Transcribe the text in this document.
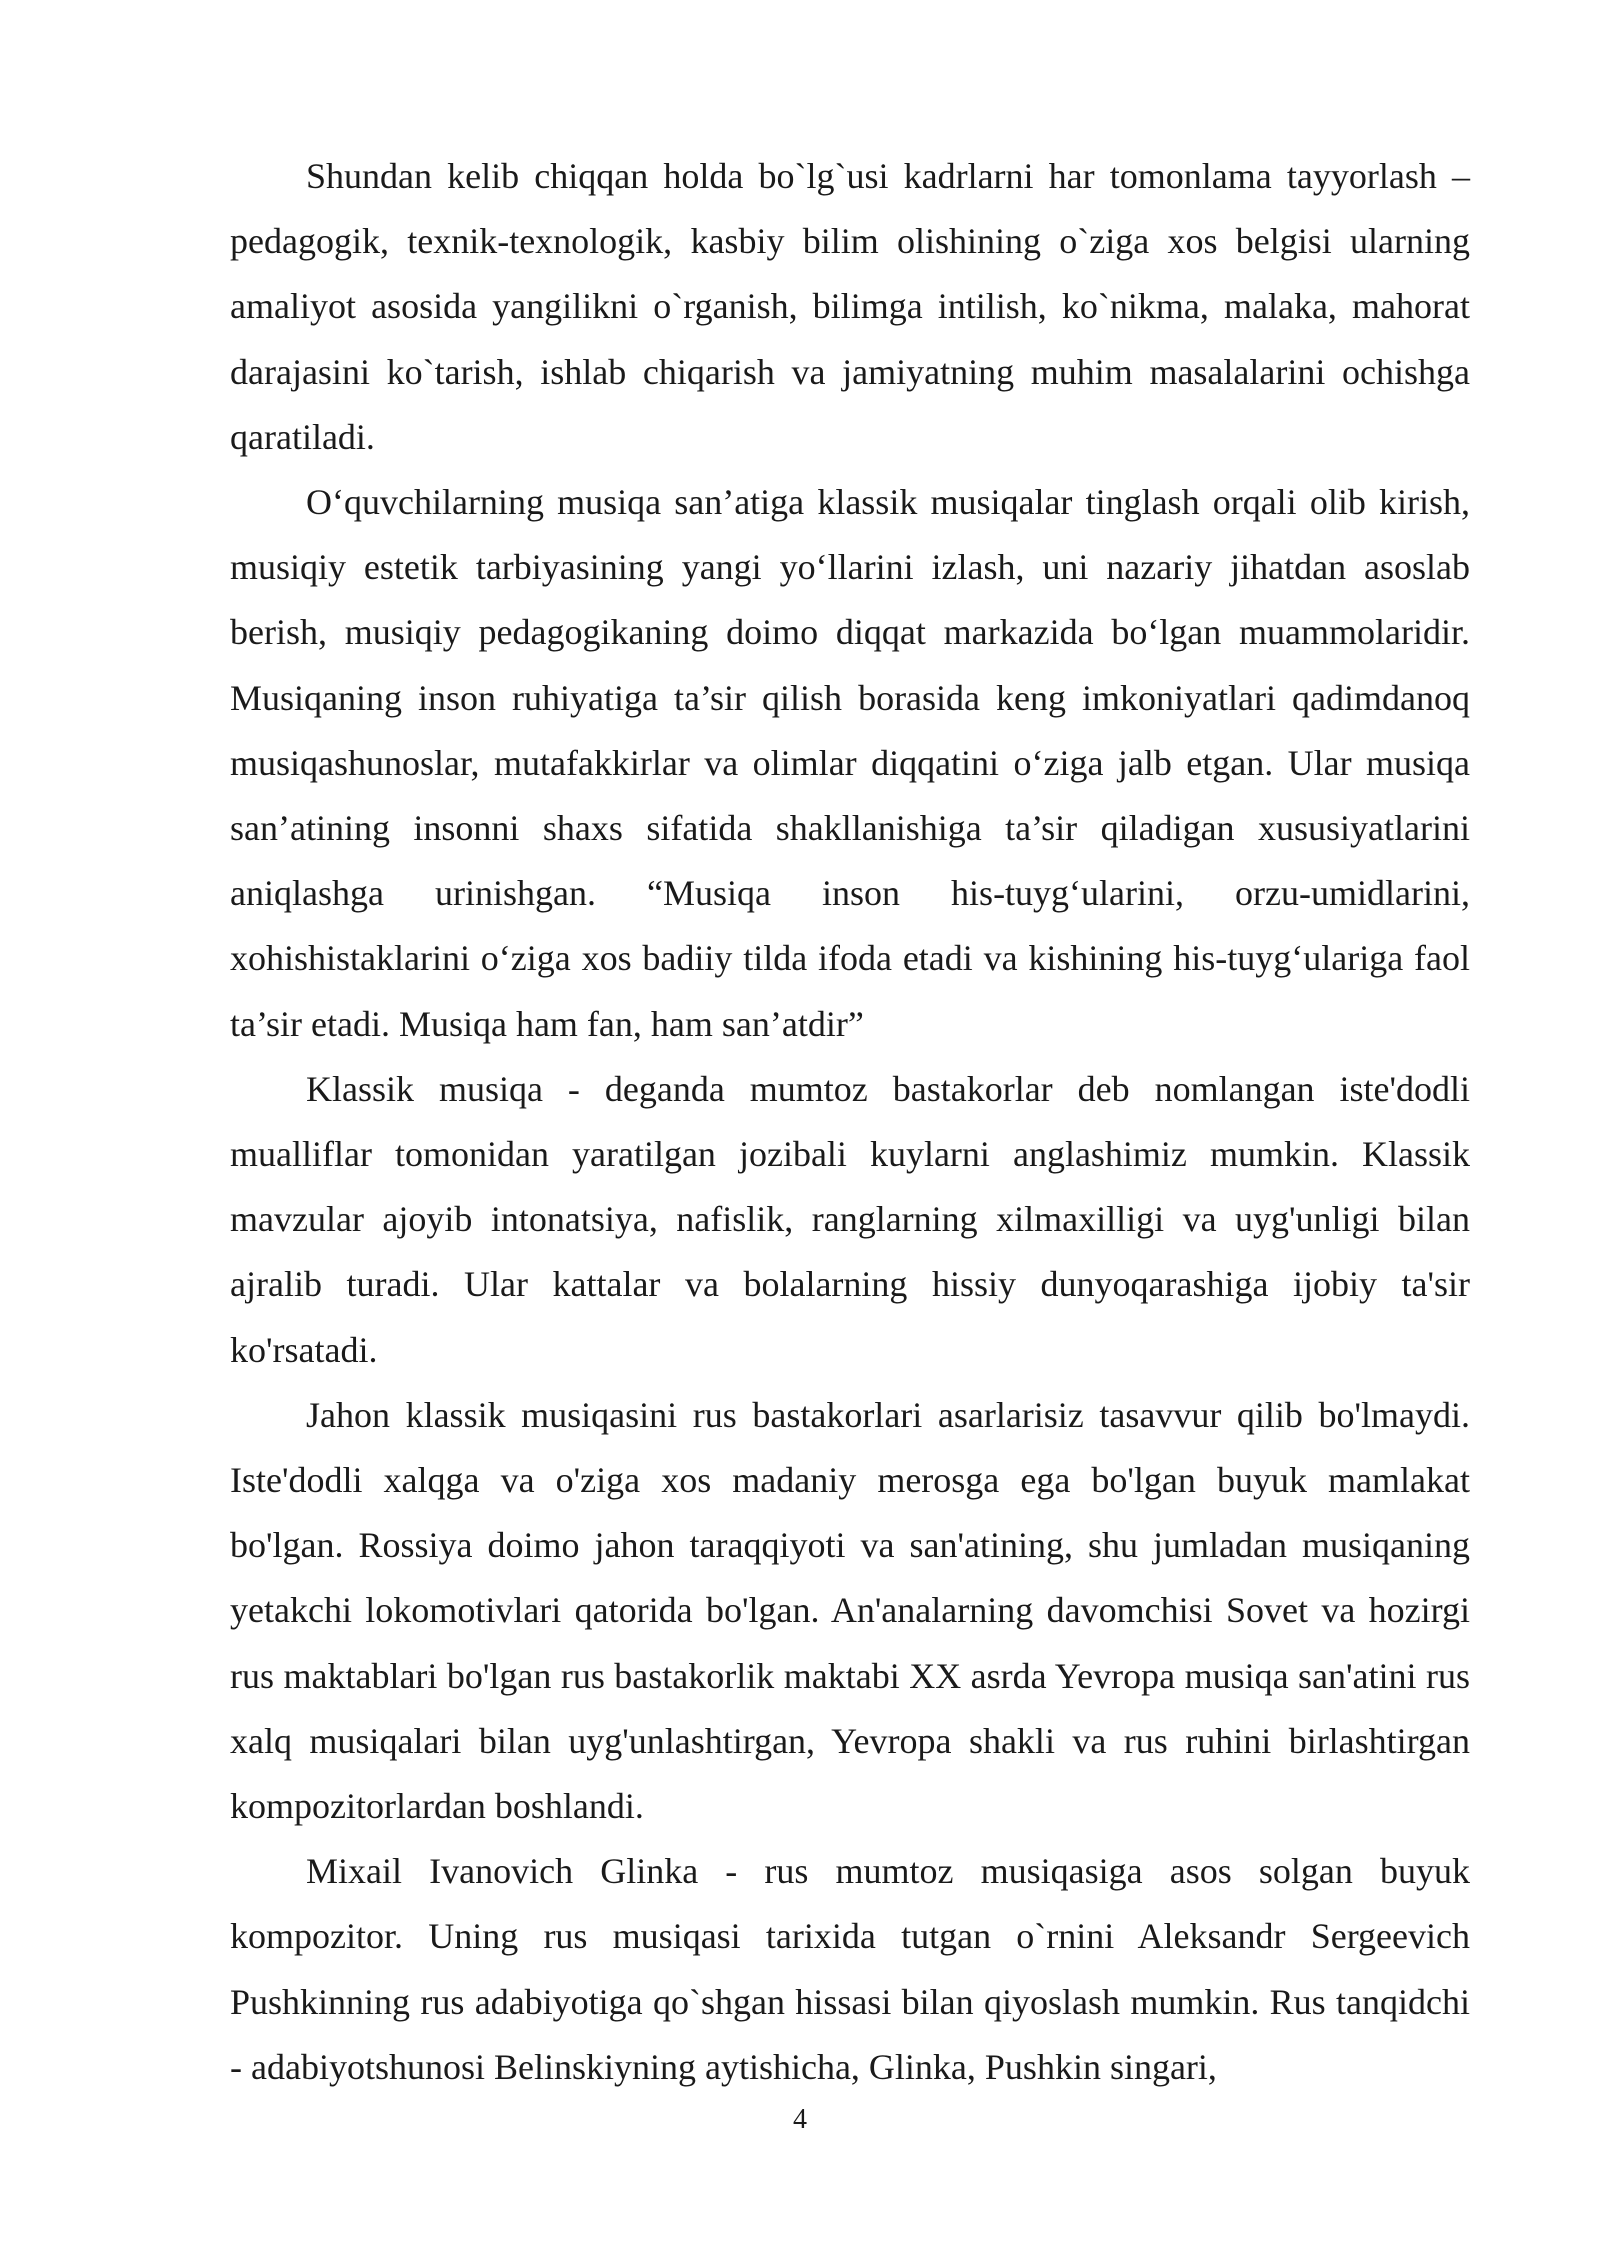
Shundan kelib chiqqan holda bo`lg`usi kadrlarni har tomonlama tayyorlash – pedagogik, texnik-texnologik, kasbiy bilim olishining o`ziga xos belgisi ularning amaliyot asosida yangilikni o`rganish, bilimga intilish, ko`nikma, malaka, mahorat darajasini ko`tarish, ishlab chiqarish va jamiyatning muhim masalalarini ochishga qaratiladi.

O‘quvchilarning musiqa san’atiga klassik musiqalar tinglash orqali olib kirish, musiqiy estetik tarbiyasining yangi yo‘llarini izlash, uni nazariy jihatdan asoslab berish, musiqiy pedagogikaning doimo diqqat markazida bo‘lgan muammolaridir. Musiqaning inson ruhiyatiga ta’sir qilish borasida keng imkoniyatlari qadimdanoq musiqashunoslar, mutafakkirlar va olimlar diqqatini o‘ziga jalb etgan. Ular musiqa san’atining insonni shaxs sifatida shakllanishiga ta’sir qiladigan xususiyatlarini aniqlashga urinishgan. “Musiqa inson his-tuyg‘ularini, orzu-umidlarini, xohishistaklarini o‘ziga xos badiiy tilda ifoda etadi va kishining his-tuyg‘ulariga faol ta’sir etadi. Musiqa ham fan, ham san’atdir”

Klassik musiqa - deganda mumtoz bastakorlar deb nomlangan iste'dodli mualliflar tomonidan yaratilgan jozibali kuylarni anglashimiz mumkin. Klassik mavzular ajoyib intonatsiya, nafislik, ranglarning xilmaxilligi va uyg'unligi bilan ajralib turadi. Ular kattalar va bolalarning hissiy dunyoqarashiga ijobiy ta'sir ko'rsatadi.

Jahon klassik musiqasini rus bastakorlari asarlarisiz tasavvur qilib bo'lmaydi. Iste'dodli xalqga va o'ziga xos madaniy merosga ega bo'lgan buyuk mamlakat bo'lgan. Rossiya doimo jahon taraqqiyoti va san'atining, shu jumladan musiqaning yetakchi lokomotivlari qatorida bo'lgan. An'analarning davomchisi Sovet va hozirgi rus maktablari bo'lgan rus bastakorlik maktabi XX asrda Yevropa musiqa san'atini rus xalq musiqalari bilan uyg'unlashtirgan, Yevropa shakli va rus ruhini birlashtirgan kompozitorlardan boshlandi.

Mixail Ivanovich Glinka - rus mumtoz musiqasiga asos solgan buyuk kompozitor. Uning rus musiqasi tarixida tutgan o`rnini Aleksandr Sergeevich Pushkinning rus adabiyotiga qo`shgan hissasi bilan qiyoslash mumkin. Rus tanqidchi - adabiyotshunosi Belinskiyning aytishicha, Glinka, Pushkin singari,

4
